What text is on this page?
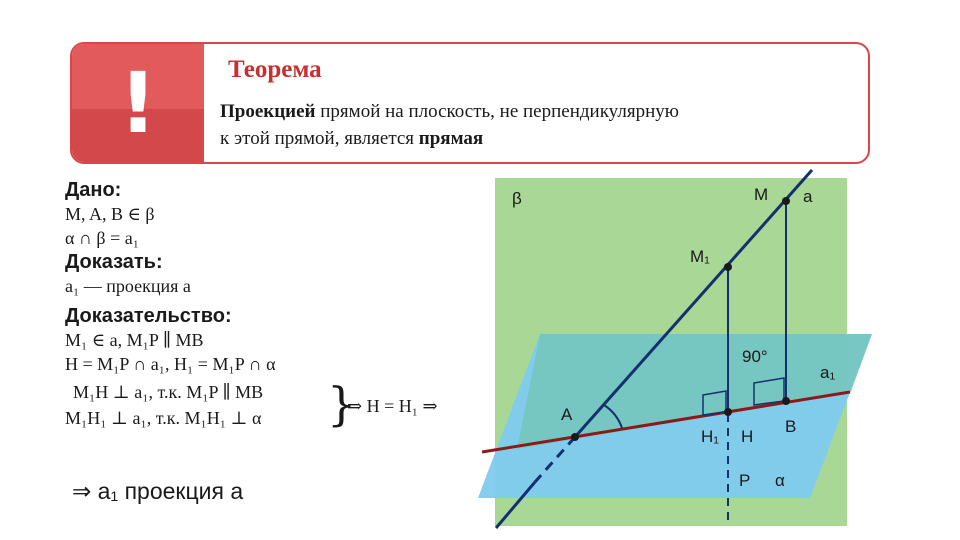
!	Теорема
Проекцией прямой на плоскость, не перпендикулярную
к этой прямой, является прямая
Дано:
M, A, B ∈ β
α ∩ β = a₁
Доказать:
a₁ — проекция a
Доказательство:
M₁ ∈ a, M₁P ∥ MB
H = M₁P ∩ a₁, H₁ = M₁P ∩ α
M₁H ⊥ a₁, т.к. M₁P ∥ MB
M₁H₁ ⊥ a₁, т.к. M₁H₁ ⊥ α }
⇒ H = H₁ ⇒
⇒ a₁ проекция a
β	M a
M₁
90°
a₁
A
H₁ H
B
P α
